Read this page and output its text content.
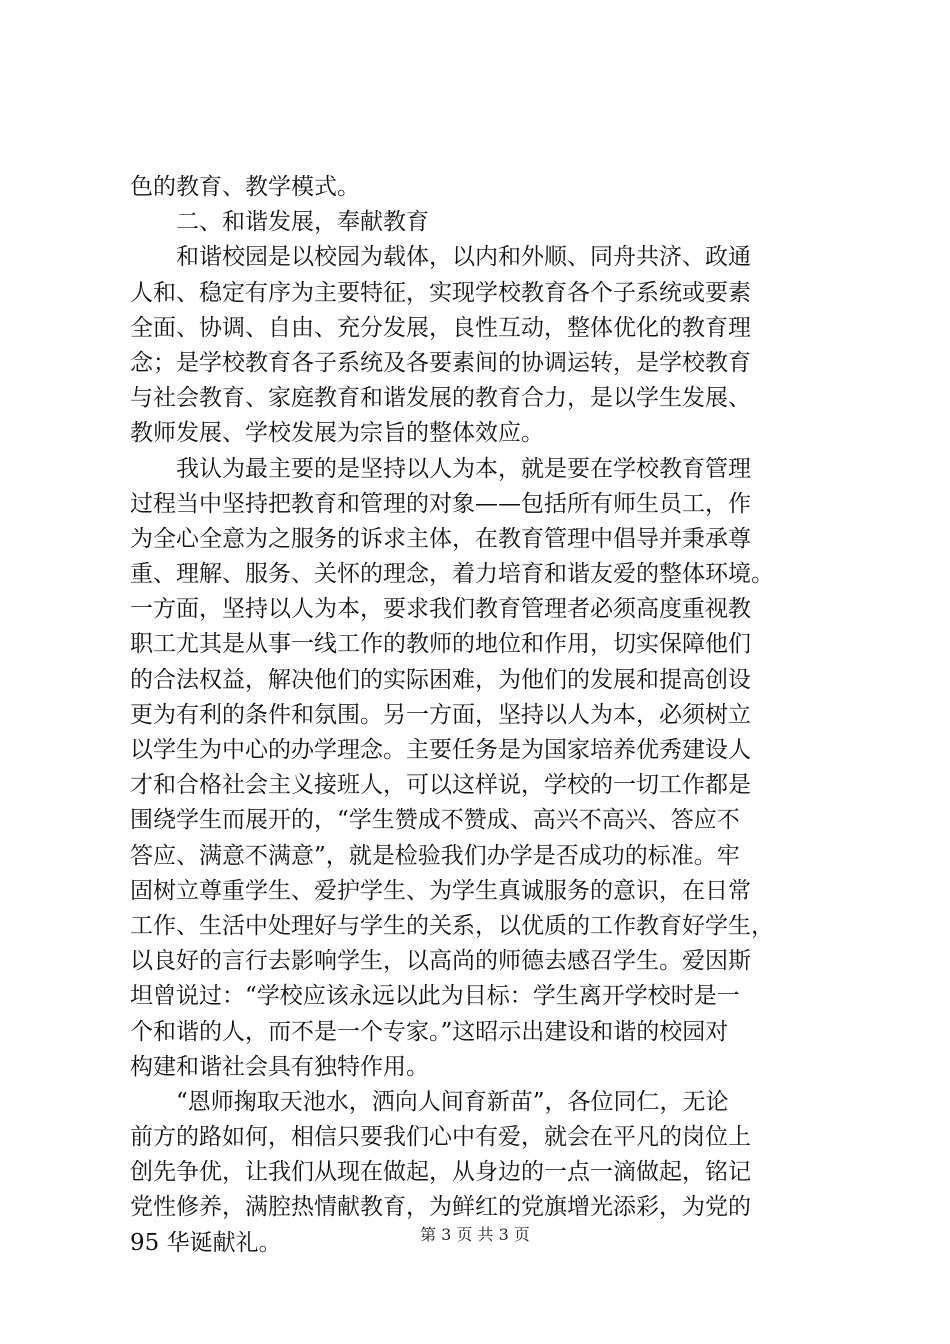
色的教育、教学模式。
二、和谐发展，奉献教育
和谐校园是以校园为载体，以内和外顺、同舟共济、政通
人和、稳定有序为主要特征，实现学校教育各个子系统或要素
全面、协调、自由、充分发展，良性互动，整体优化的教育理
念；是学校教育各子系统及各要素间的协调运转，是学校教育
与社会教育、家庭教育和谐发展的教育合力，是以学生发展、
教师发展、学校发展为宗旨的整体效应。
我认为最主要的是坚持以人为本，就是要在学校教育管理
过程当中坚持把教育和管理的对象——包括所有师生员工，作
为全心全意为之服务的诉求主体，在教育管理中倡导并秉承尊
重、理解、服务、关怀的理念，着力培育和谐友爱的整体环境。
一方面，坚持以人为本，要求我们教育管理者必须高度重视教
职工尤其是从事一线工作的教师的地位和作用，切实保障他们
的合法权益，解决他们的实际困难，为他们的发展和提高创设
更为有利的条件和氛围。另一方面，坚持以人为本，必须树立
以学生为中心的办学理念。主要任务是为国家培养优秀建设人
才和合格社会主义接班人，可以这样说，学校的一切工作都是
围绕学生而展开的，“学生赞成不赞成、高兴不高兴、答应不
答应、满意不满意”，就是检验我们办学是否成功的标准。牢
固树立尊重学生、爱护学生、为学生真诚服务的意识，在日常
工作、生活中处理好与学生的关系，以优质的工作教育好学生，
以良好的言行去影响学生，以高尚的师德去感召学生。爱因斯
坦曾说过：“学校应该永远以此为目标：学生离开学校时是一
个和谐的人，而不是一个专家。”这昭示出建设和谐的校园对
构建和谐社会具有独特作用。
“恩师掬取天池水，洒向人间育新苗”，各位同仁，无论
前方的路如何，相信只要我们心中有爱，就会在平凡的岗位上
创先争优，让我们从现在做起，从身边的一点一滴做起，铭记
党性修养，满腔热情献教育，为鲜红的党旗增光添彩，为党的
95 华诞献礼。	第 3 页 共 3 页
